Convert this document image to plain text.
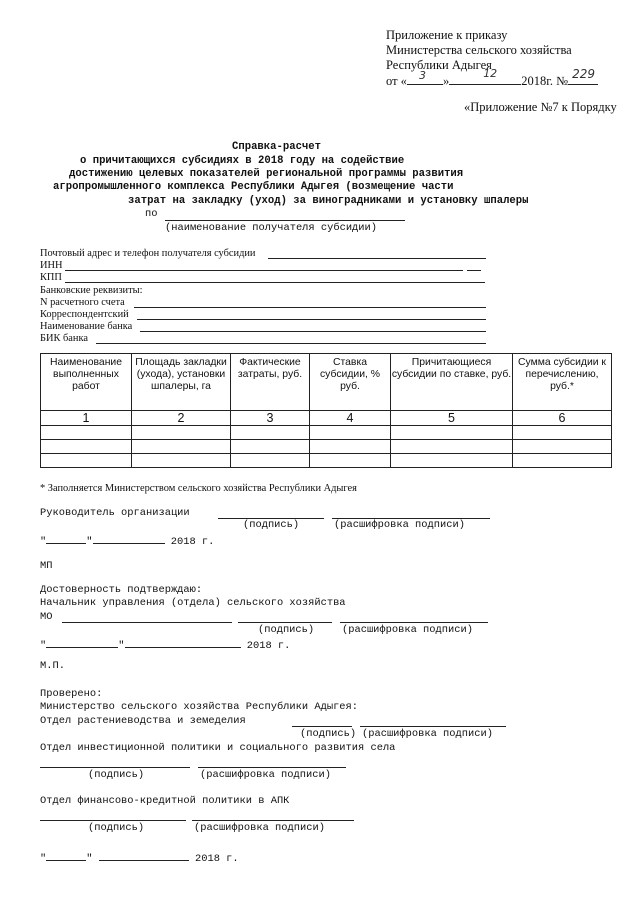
Приложение к приказу
Министерства сельского хозяйства
Республики Адыгея
от « 3 »
12
2018г. № 229
«Приложение №7 к Порядку
Справка-расчет
о причитающихся субсидиях в 2018 году на содействие
достижению целевых показателей региональной программы развития
агропромышленного комплекса Республики Адыгея (возмещение части
затрат на закладку (уход) за виноградниками и установку шпалеры
по
(наименование получателя субсидии)
Почтовый адрес и телефон получателя субсидии
ИНН
КПП
Банковские реквизиты:
N расчетного счета
Корреспондентский
Наименование банка
БИК банка
Наименование выполненных работ	Площадь закладки (ухода), установки шпалеры, га	Фактические затраты, руб.	Ставка субсидии, % руб.	Причитающиеся субсидии по ставке, руб.	Сумма субсидии к перечислению, руб.*
1	2	3	4	5	6

* Заполняется Министерством сельского хозяйства Республики Адыгея
Руководитель организации
(подпись)	(расшифровка подписи)
"	"	2018 г.
МП
Достоверность подтверждаю:
Начальник управления (отдела) сельского хозяйства
МО
(подпись)	(расшифровка подписи)
"	"	2018 г.
М.П.
Проверено:
Министерство сельского хозяйства Республики Адыгея:
Отдел растениеводства и земеделия
(подпись) (расшифровка подписи)
Отдел инвестиционной политики и социального развития села
(подпись)	(расшифровка подписи)
Отдел финансово-кредитной политики в АПК
(подпись)	(расшифровка подписи)
"	"	2018 г.
